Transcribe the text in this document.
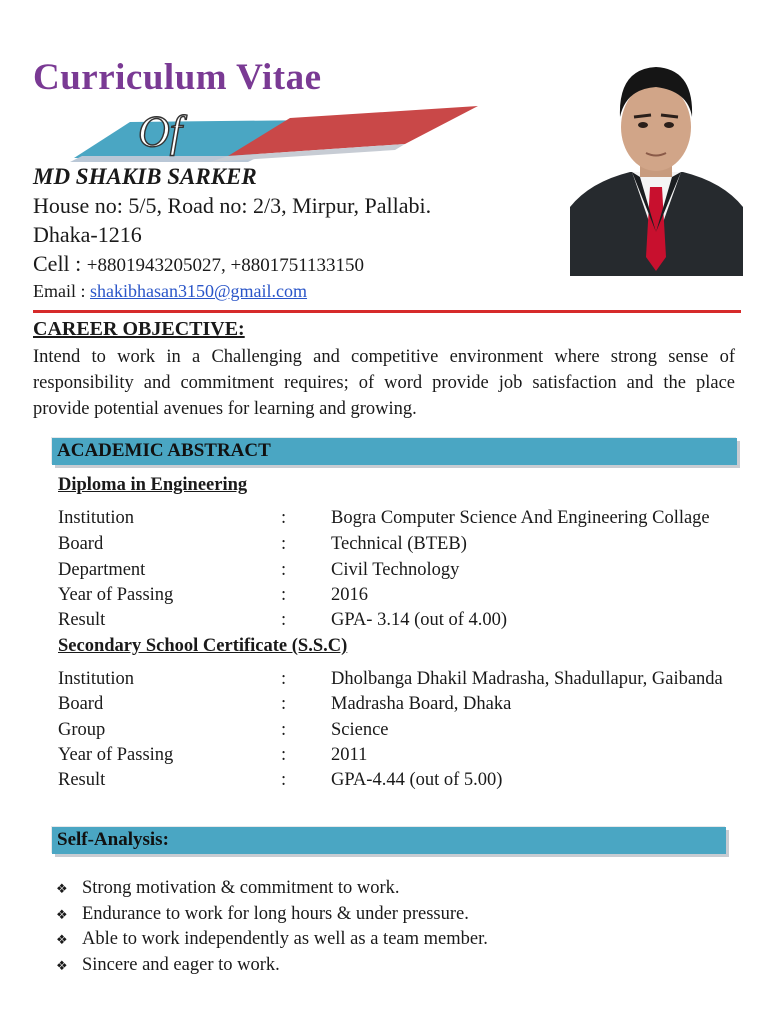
Curriculum Vitae
Of
MD SHAKIB SARKER
House no: 5/5, Road no: 2/3, Mirpur, Pallabi.
Dhaka-1216
Cell : +8801943205027, +8801751133150
Email : shakibhasan3150@gmail.com
CAREER OBJECTIVE:
Intend to work in a Challenging and competitive environment where strong sense of responsibility and commitment requires; of word provide job satisfaction and the place provide potential avenues for learning and growing.
ACADEMIC ABSTRACT
Diploma in Engineering
Institution	: Bogra Computer Science And Engineering Collage
Board	: Technical (BTEB)
Department	: Civil Technology
Year of Passing	: 2016
Result	: GPA- 3.14 (out of 4.00)
Secondary School Certificate (S.S.C)
Institution	: Dholbanga Dhakil Madrasha, Shadullapur, Gaibanda
Board	: Madrasha Board, Dhaka
Group	: Science
Year of Passing	: 2011
Result	: GPA-4.44 (out of 5.00)
Self-Analysis:
❖ Strong motivation & commitment to work.
❖ Endurance to work for long hours & under pressure.
❖ Able to work independently as well as a team member.
❖ Sincere and eager to work.
